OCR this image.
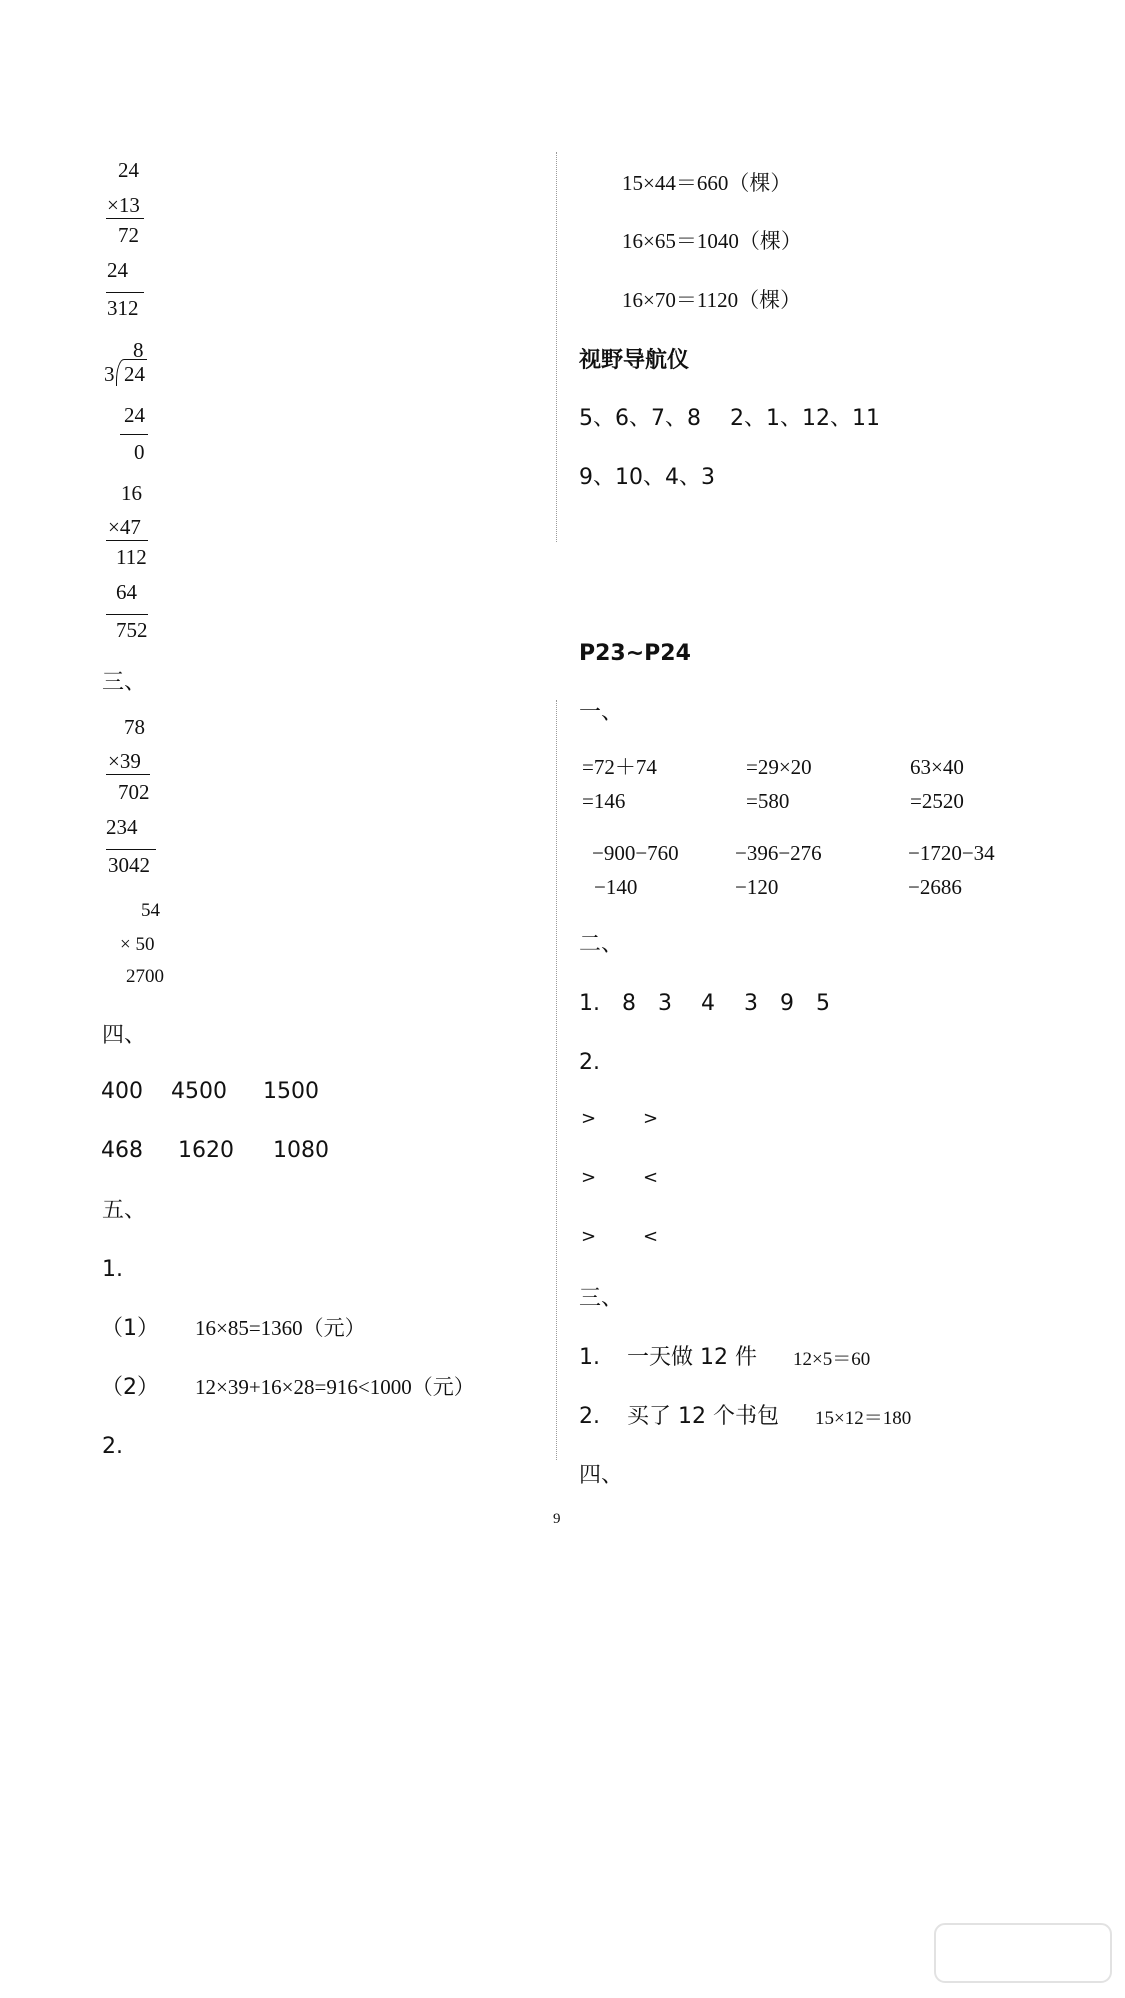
24
×13
72
24
312
8
3 24
24
0
16
×47
112
64
752
三、
78
×39
702
234
3042
54
× 50
2700
四、
400 4500 1500
468 1620 1080
五、
1.
（1） 16×85=1360（元）
（2） 12×39+16×28=916<1000（元）
2.
15×44＝660（棵）
16×65＝1040（棵）
16×70＝1120（棵）
视野导航仪
5、6、7、8　 2、1、12、11
9、10、4、3
P23~P24
一、
=72＋74	=29×20	63×40
=146	=580	=2520
−900−760	−396−276	−1720−34
−140	−120	−2686
二、
1.　8　3　 4　 3　9　5
2.
>	>
>	<
>	<
三、
1. 一天做 12 件 12×5＝60
2. 买了 12 个书包 15×12＝180
四、
9
